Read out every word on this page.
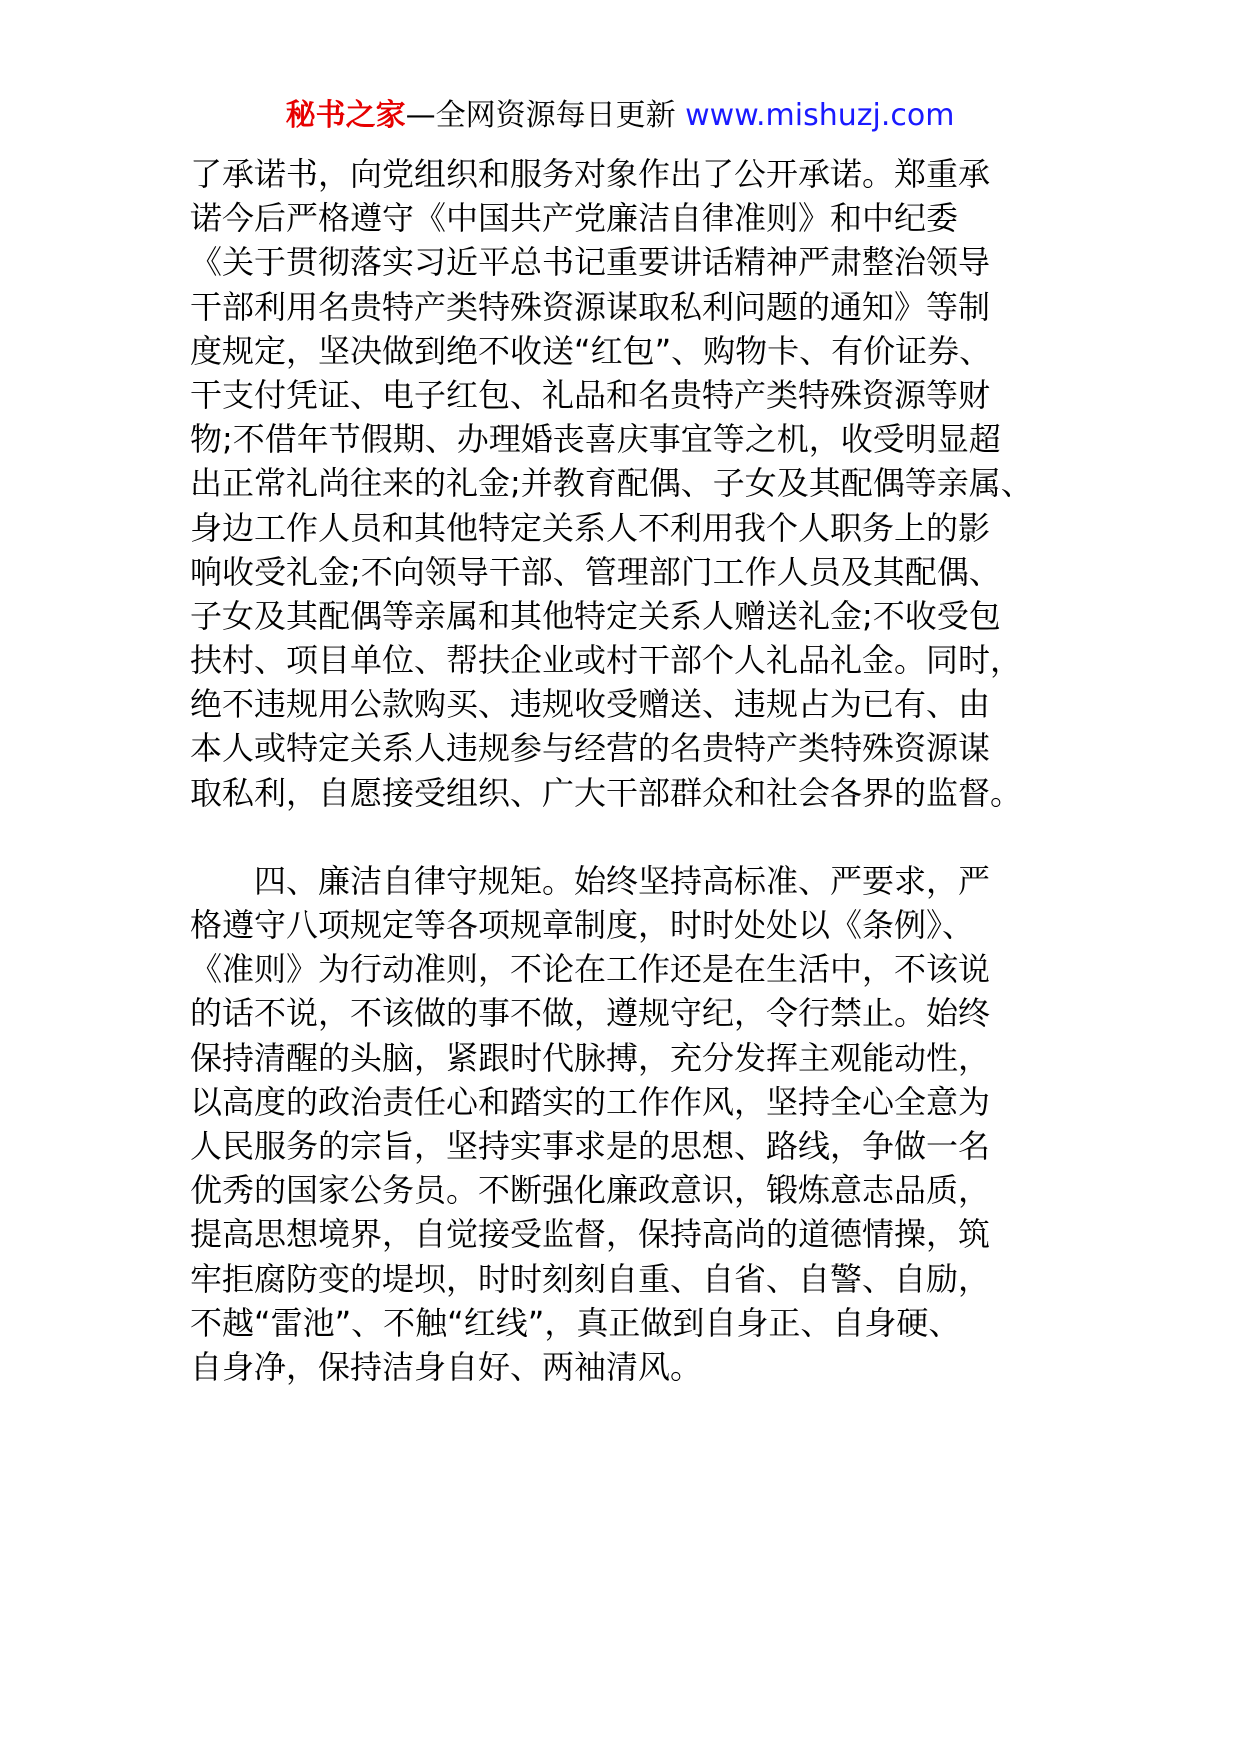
秘书之家—全网资源每日更新 www.mishuzj.com
了承诺书，向党组织和服务对象作出了公开承诺。郑重承
诺今后严格遵守《中国共产党廉洁自律准则》和中纪委
《关于贯彻落实习近平总书记重要讲话精神严肃整治领导
干部利用名贵特产类特殊资源谋取私利问题的通知》等制
度规定，坚决做到绝不收送“红包”、购物卡、有价证券、
干支付凭证、电子红包、礼品和名贵特产类特殊资源等财
物;不借年节假期、办理婚丧喜庆事宜等之机，收受明显超
出正常礼尚往来的礼金;并教育配偶、子女及其配偶等亲属、
身边工作人员和其他特定关系人不利用我个人职务上的影
响收受礼金;不向领导干部、管理部门工作人员及其配偶、
子女及其配偶等亲属和其他特定关系人赠送礼金;不收受包
扶村、项目单位、帮扶企业或村干部个人礼品礼金。同时，
绝不违规用公款购买、违规收受赠送、违规占为已有、由
本人或特定关系人违规参与经营的名贵特产类特殊资源谋
取私利，自愿接受组织、广大干部群众和社会各界的监督。
　　四、廉洁自律守规矩。始终坚持高标准、严要求，严
格遵守八项规定等各项规章制度，时时处处以《条例》、
《准则》为行动准则，不论在工作还是在生活中，不该说
的话不说，不该做的事不做，遵规守纪，令行禁止。始终
保持清醒的头脑，紧跟时代脉搏，充分发挥主观能动性，
以高度的政治责任心和踏实的工作作风，坚持全心全意为
人民服务的宗旨，坚持实事求是的思想、路线，争做一名
优秀的国家公务员。不断强化廉政意识，锻炼意志品质，
提高思想境界，自觉接受监督，保持高尚的道德情操，筑
牢拒腐防变的堤坝，时时刻刻自重、自省、自警、自励，
不越“雷池”、不触“红线”，真正做到自身正、自身硬、
自身净，保持洁身自好、两袖清风。
